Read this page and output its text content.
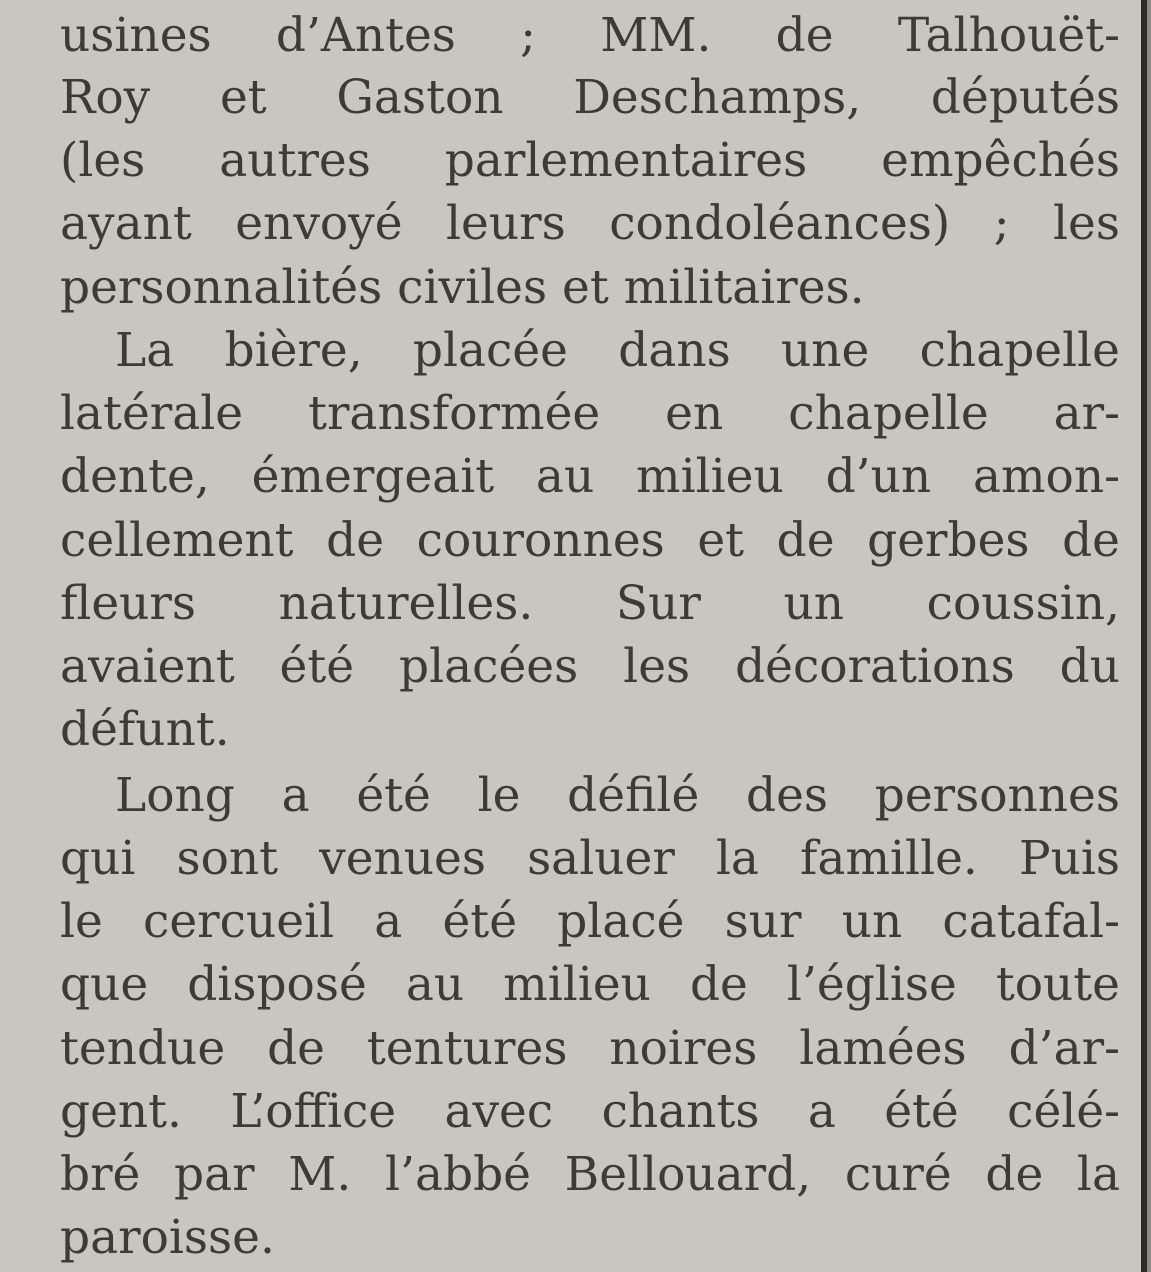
usines d’Antes ; MM. de Talhouët-
Roy et Gaston Deschamps, députés
(les autres parlementaires empêchés
ayant envoyé leurs condoléances) ; les
personnalités civiles et militaires.
La bière, placée dans une chapelle
latérale transformée en chapelle ar-
dente, émergeait au milieu d’un amon-
cellement de couronnes et de gerbes de
fleurs naturelles. Sur un coussin,
avaient été placées les décorations du
défunt.
Long a été le défilé des personnes
qui sont venues saluer la famille. Puis
le cercueil a été placé sur un catafal-
que disposé au milieu de l’église toute
tendue de tentures noires lamées d’ar-
gent. L’office avec chants a été célé-
bré par M. l’abbé Bellouard, curé de la
paroisse.
